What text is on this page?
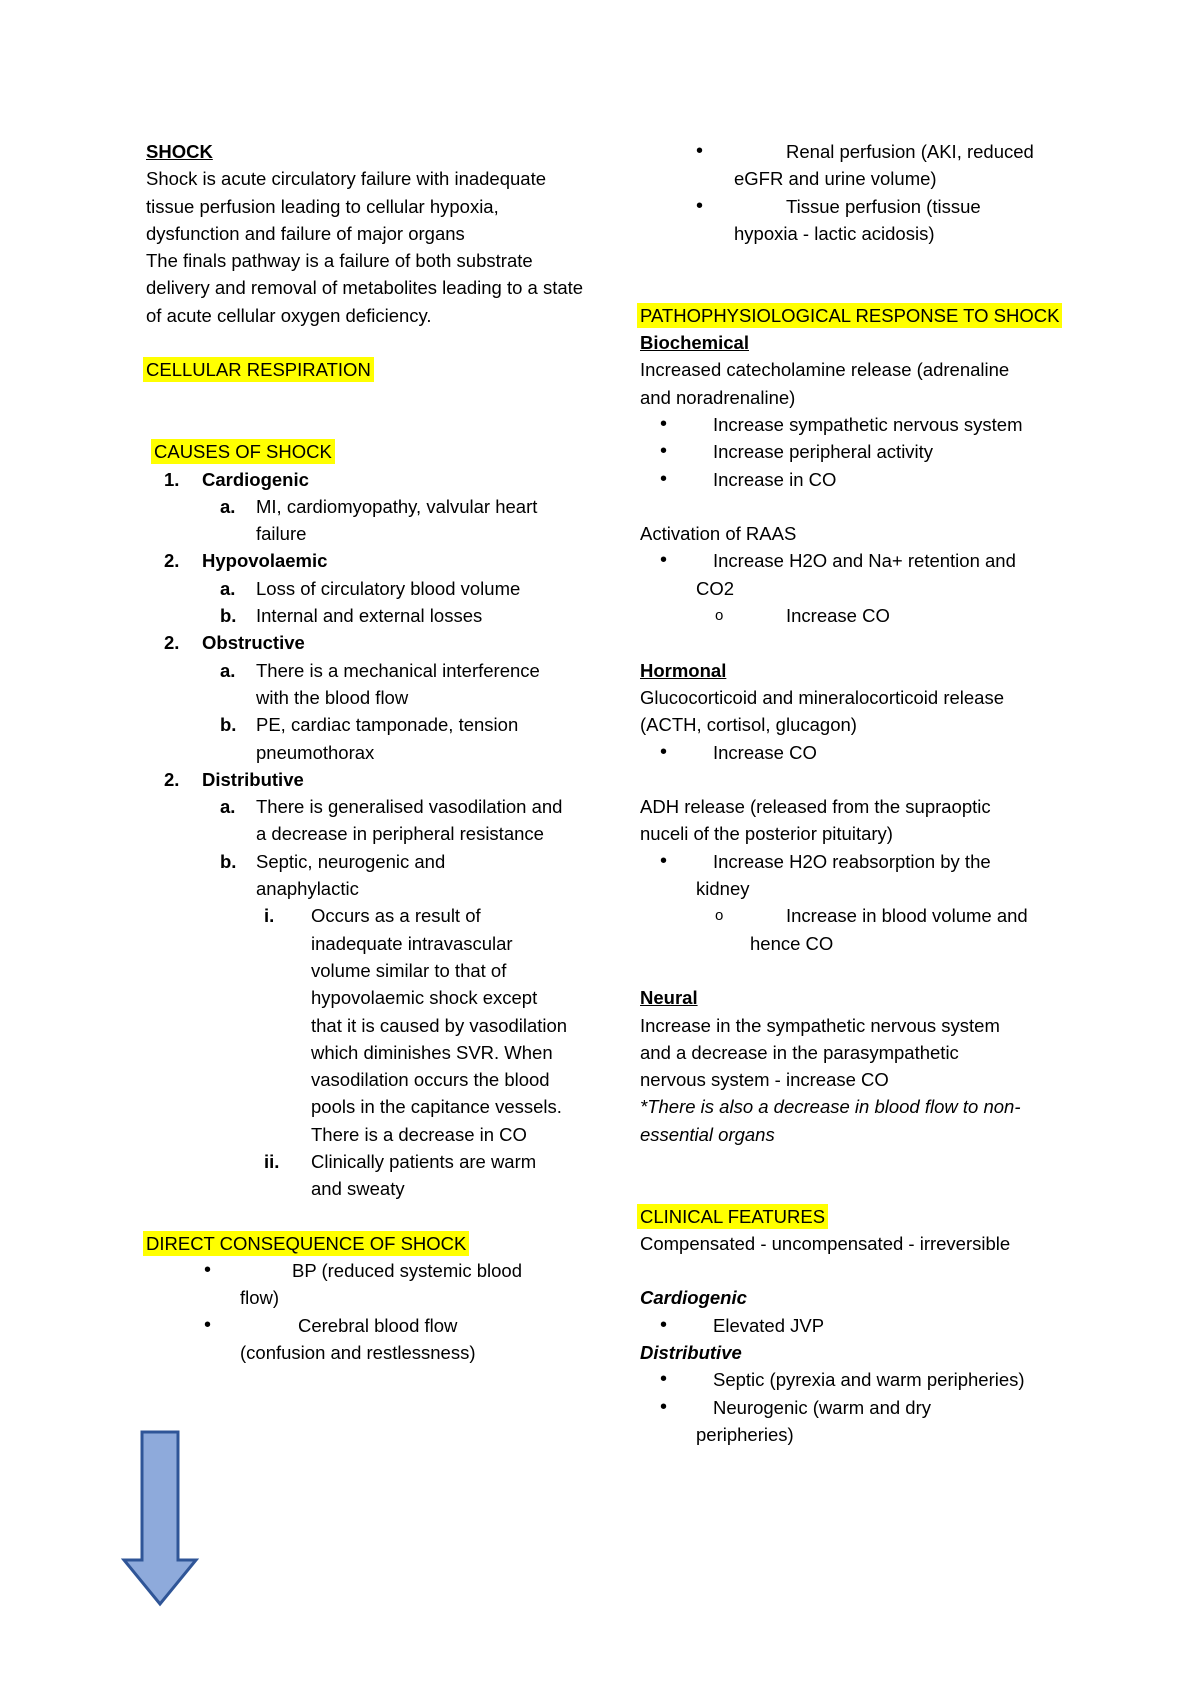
SHOCK
Shock is acute circulatory failure with inadequate tissue perfusion leading to cellular hypoxia, dysfunction and failure of major organs
The finals pathway is a failure of both substrate delivery and removal of metabolites leading to a state of acute cellular oxygen deficiency.
CELLULAR RESPIRATION
CAUSES OF SHOCK
1. Cardiogenic
a. MI, cardiomyopathy, valvular heart failure
2. Hypovolaemic
a. Loss of circulatory blood volume
b. Internal and external losses
2. Obstructive
a. There is a mechanical interference with the blood flow
b. PE, cardiac tamponade, tension pneumothorax
2. Distributive
a. There is generalised vasodilation and a decrease in peripheral resistance
b. Septic, neurogenic and anaphylactic
i. Occurs as a result of inadequate intravascular volume similar to that of hypovolaemic shock except that it is caused by vasodilation which diminishes SVR. When vasodilation occurs the blood pools in the capitance vessels. There is a decrease in CO
ii. Clinically patients are warm and sweaty
DIRECT CONSEQUENCE OF SHOCK
•	BP (reduced systemic blood
flow)
•	Cerebral blood flow
(confusion and restlessness)
•	Renal perfusion (AKI, reduced
eGFR and urine volume)
•	Tissue perfusion (tissue
hypoxia - lactic acidosis)
PATHOPHYSIOLOGICAL RESPONSE TO SHOCK
Biochemical
Increased catecholamine release (adrenaline
and noradrenaline)
• Increase sympathetic nervous system
• Increase peripheral activity
• Increase in CO
Activation of RAAS
•	Increase H2O and Na+ retention and
CO2
o	Increase CO
Hormonal
Glucocorticoid and mineralocorticoid release
(ACTH, cortisol, glucagon)
• Increase CO
ADH release (released from the supraoptic
nuceli of the posterior pituitary)
•	Increase H2O reabsorption by the
kidney
o	Increase in blood volume and
hence CO
Neural
Increase in the sympathetic nervous system
and a decrease in the parasympathetic
nervous system - increase CO
*There is also a decrease in blood flow to non-
essential organs
CLINICAL FEATURES
Compensated - uncompensated - irreversible
Cardiogenic
• Elevated JVP
Distributive
•	Septic (pyrexia and warm peripheries)
•	Neurogenic (warm and dry
peripheries)
